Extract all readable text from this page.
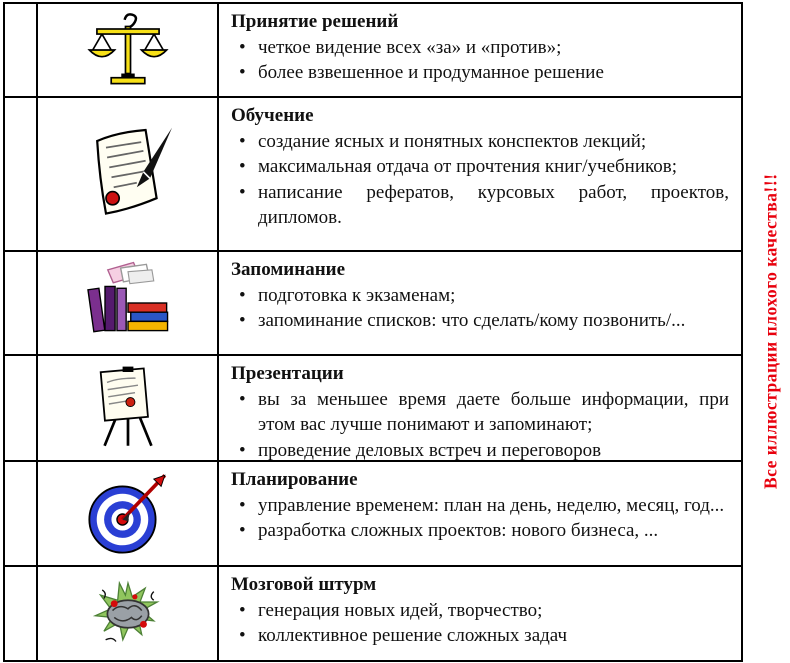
Принятие решений
• четкое видение всех «за» и «против»;
• более взвешенное и продуманное решение
Обучение
• создание ясных и понятных конспектов лекций;
• максимальная отдача от прочтения книг/учебников;
• написание рефератов, курсовых работ, проектов, дипломов.
Запоминание
• подготовка к экзаменам;
• запоминание списков: что сделать/кому позвонить/...
Презентации
• вы за меньшее время даете больше информации, при этом вас лучше понимают и запоминают;
• проведение деловых встреч и переговоров
Планирование
• управление временем: план на день, неделю, месяц, год...
• разработка сложных проектов: нового бизнеса, ...
Мозговой штурм
• генерация новых идей, творчество;
• коллективное решение сложных задач
Все иллюстрации плохого качества!!!
